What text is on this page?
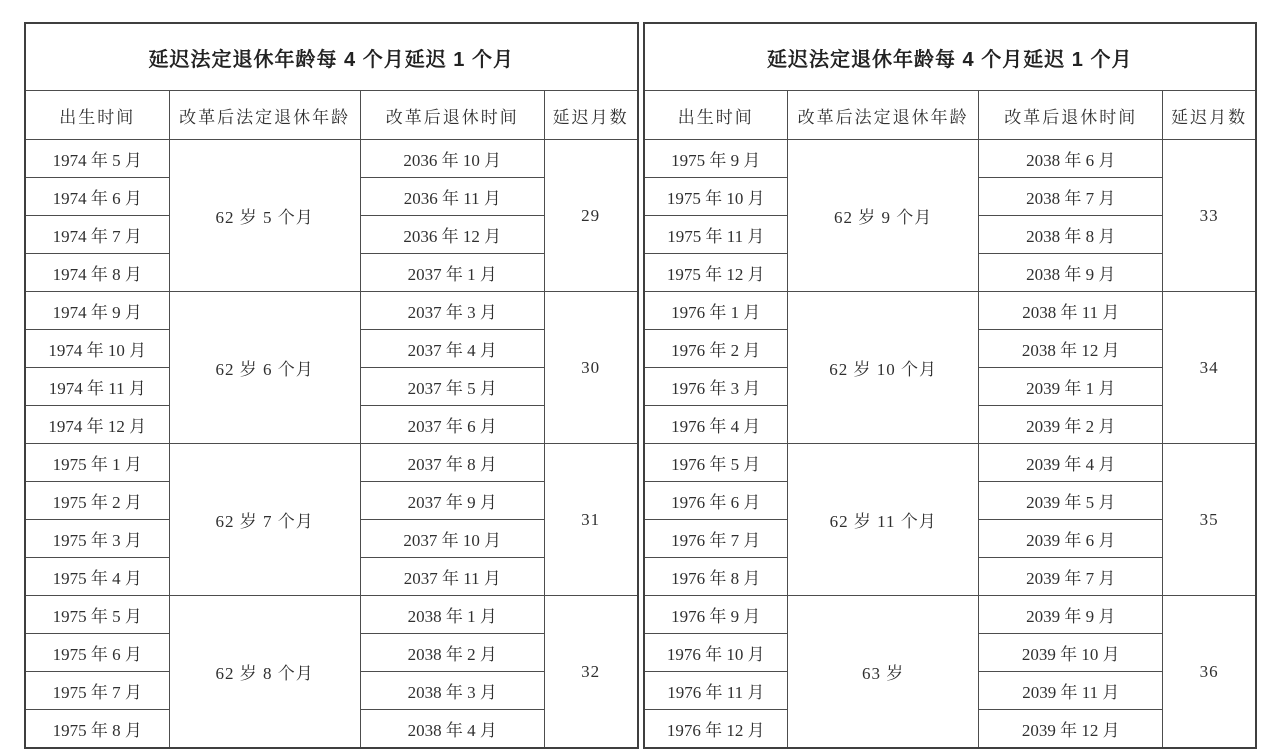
延迟法定退休年龄每 4 个月延迟 1 个月			
出生时间	改革后法定退休年龄	改革后退休时间	延迟月数
1974 年 5 月	62 岁 5 个月	2036 年 10 月	29
1974 年 6 月		2036 年 11 月	
1974 年 7 月		2036 年 12 月	
1974 年 8 月		2037 年 1 月	
1974 年 9 月	62 岁 6 个月	2037 年 3 月	30
1974 年 10 月		2037 年 4 月	
1974 年 11 月		2037 年 5 月	
1974 年 12 月		2037 年 6 月	
1975 年 1 月	62 岁 7 个月	2037 年 8 月	31
1975 年 2 月		2037 年 9 月	
1975 年 3 月		2037 年 10 月	
1975 年 4 月		2037 年 11 月	
1975 年 5 月	62 岁 8 个月	2038 年 1 月	32
1975 年 6 月		2038 年 2 月	
1975 年 7 月		2038 年 3 月	
1975 年 8 月		2038 年 4 月	
延迟法定退休年龄每 4 个月延迟 1 个月			
出生时间	改革后法定退休年龄	改革后退休时间	延迟月数
1975 年 9 月	62 岁 9 个月	2038 年 6 月	33
1975 年 10 月		2038 年 7 月	
1975 年 11 月		2038 年 8 月	
1975 年 12 月		2038 年 9 月	
1976 年 1 月	62 岁 10 个月	2038 年 11 月	34
1976 年 2 月		2038 年 12 月	
1976 年 3 月		2039 年 1 月	
1976 年 4 月		2039 年 2 月	
1976 年 5 月	62 岁 11 个月	2039 年 4 月	35
1976 年 6 月		2039 年 5 月	
1976 年 7 月		2039 年 6 月	
1976 年 8 月		2039 年 7 月	
1976 年 9 月	63 岁	2039 年 9 月	36
1976 年 10 月		2039 年 10 月	
1976 年 11 月		2039 年 11 月	
1976 年 12 月		2039 年 12 月	
